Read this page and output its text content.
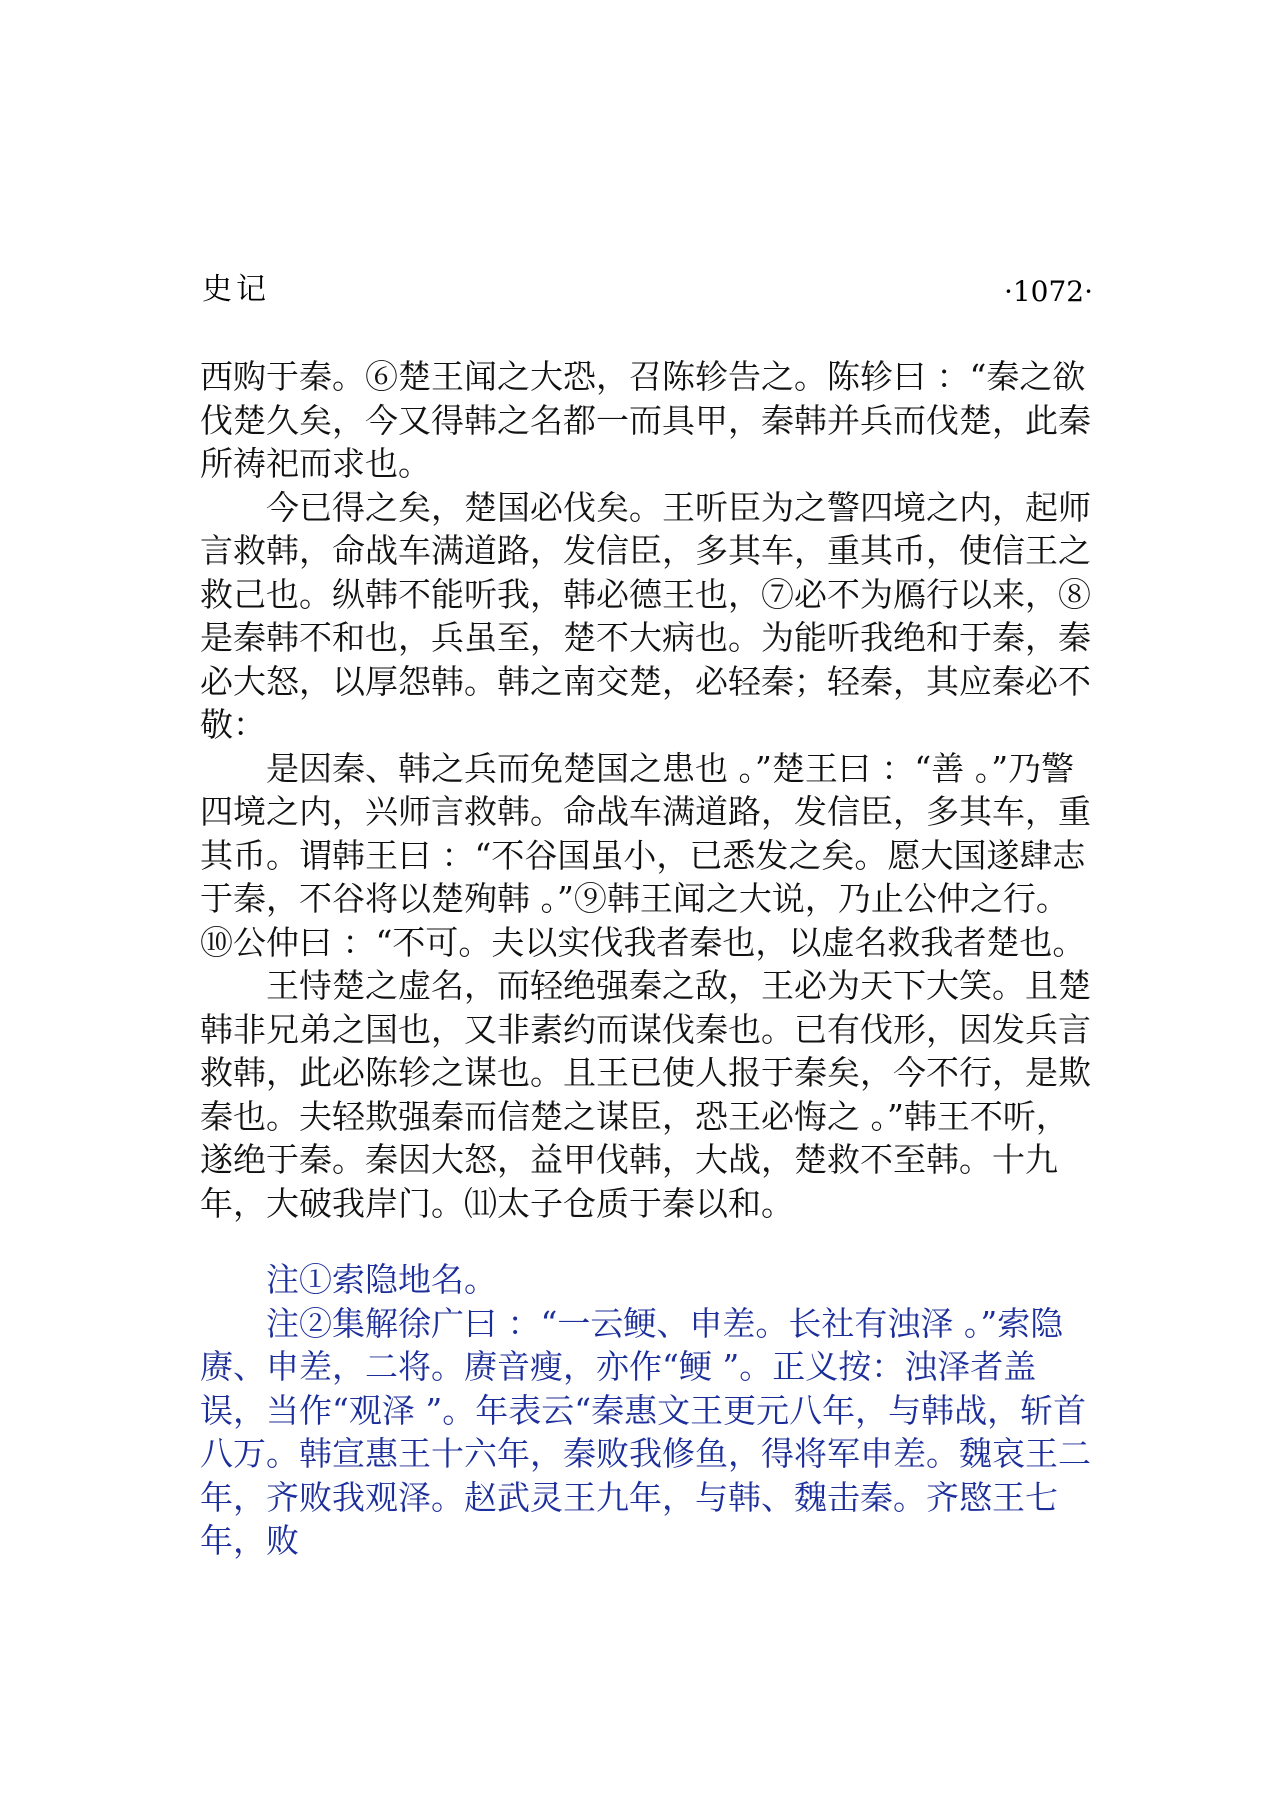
史记	·1072·

西购于秦。⑥楚王闻之大恐，召陈轸告之。陈轸曰 ：“秦之欲伐楚久矣，今又得韩之名都一而具甲，秦韩并兵而伐楚，此秦所祷祀而求也。

今已得之矣，楚国必伐矣。王听臣为之警四境之内，起师言救韩，命战车满道路，发信臣，多其车，重其币，使信王之救己也。纵韩不能听我，韩必德王也，⑦必不为鴈行以来，⑧是秦韩不和也，兵虽至，楚不大病也。为能听我绝和于秦，秦必大怒，以厚怨韩。韩之南交楚，必轻秦；轻秦，其应秦必不敬：

是因秦、韩之兵而免楚国之患也 。”楚王曰 ：“善 。”乃警四境之内，兴师言救韩。命战车满道路，发信臣，多其车，重其币。谓韩王曰 ：“不谷国虽小，已悉发之矣。愿大国遂肆志于秦，不谷将以楚殉韩 。”⑨韩王闻之大说，乃止公仲之行。⑩公仲曰 ：“不可。夫以实伐我者秦也，以虚名救我者楚也。

王恃楚之虚名，而轻绝强秦之敌，王必为天下大笑。且楚韩非兄弟之国也，又非素约而谋伐秦也。已有伐形，因发兵言救韩，此必陈轸之谋也。且王已使人报于秦矣，今不行，是欺秦也。夫轻欺强秦而信楚之谋臣，恐王必悔之 。”韩王不听，遂绝于秦。秦因大怒，益甲伐韩，大战，楚救不至韩。十九年，大破我岸门。⑾太子仓质于秦以和。

注①索隐地名。

注②集解徐广曰 ：“一云鲠、申差。长社有浊泽 。”索隐赓、申差，二将。赓音瘦，亦作“鲠 ”。正义按：浊泽者盖误，当作“观泽 ”。年表云“秦惠文王更元八年，与韩战，斩首八万。韩宣惠王十六年，秦败我修鱼，得将军申差。魏哀王二年，齐败我观泽。赵武灵王九年，与韩、魏击秦。齐愍王七年，败
